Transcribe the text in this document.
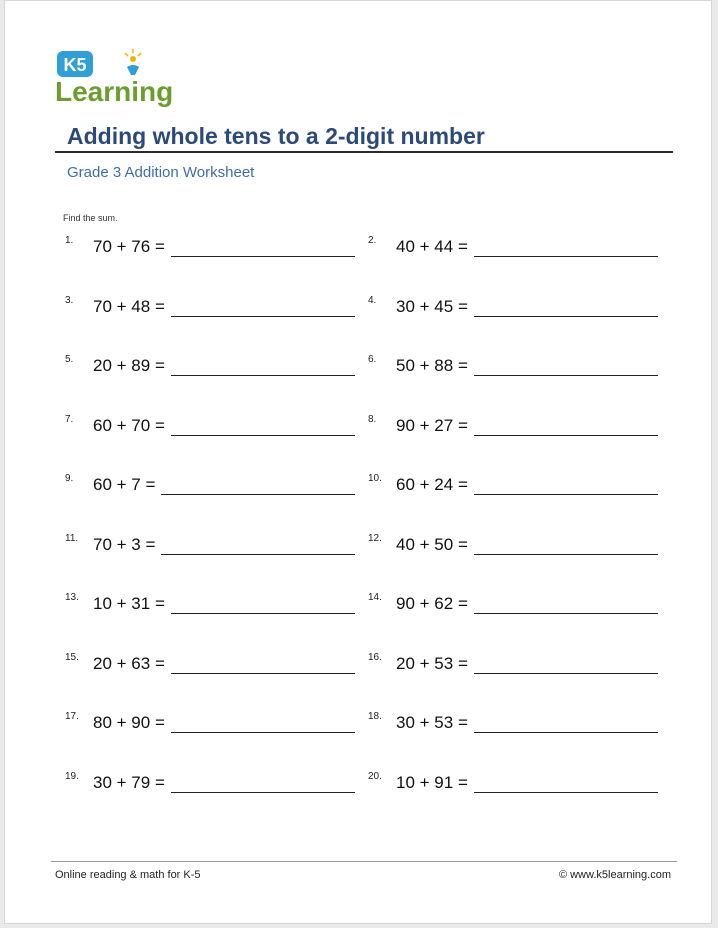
K5
Learning
Adding whole tens to a 2-digit number
Grade 3 Addition Worksheet
Find the sum.
1. 70 + 76 =	2. 40 + 44 =
3. 70 + 48 =	4. 30 + 45 =
5. 20 + 89 =	6. 50 + 88 =
7. 60 + 70 =	8. 90 + 27 =
9. 60 + 7 =	10. 60 + 24 =
11. 70 + 3 =	12. 40 + 50 =
13. 10 + 31 =	14. 90 + 62 =
15. 20 + 63 =	16. 20 + 53 =
17. 80 + 90 =	18. 30 + 53 =
19. 30 + 79 =	20. 10 + 91 =
Online reading & math for K-5	© www.k5learning.com
